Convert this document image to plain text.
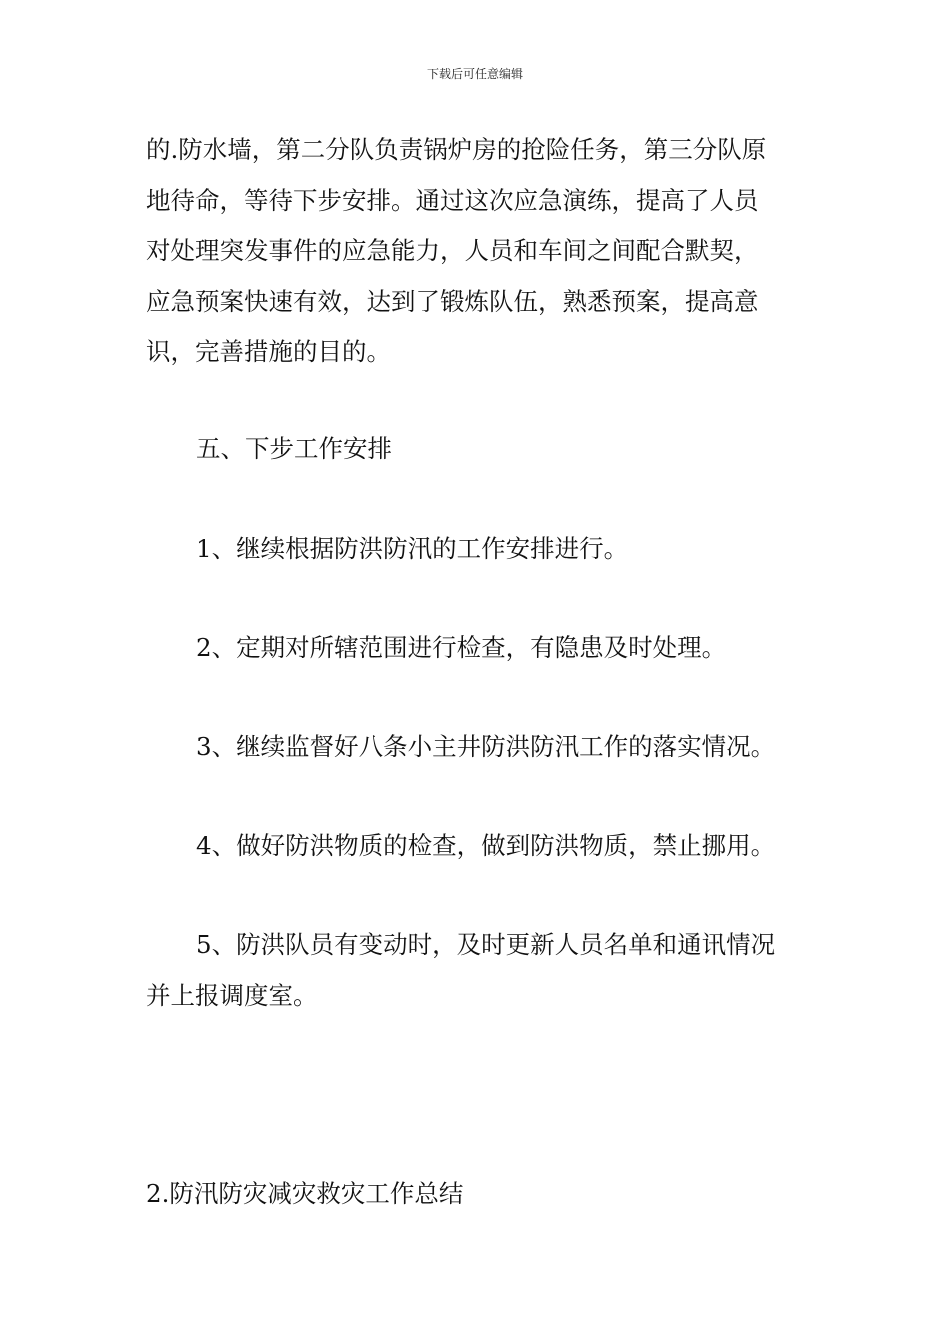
下载后可任意编辑
的.防水墙，第二分队负责锅炉房的抢险任务，第三分队原
地待命，等待下步安排。通过这次应急演练，提高了人员
对处理突发事件的应急能力，人员和车间之间配合默契，
应急预案快速有效，达到了锻炼队伍，熟悉预案，提高意
识，完善措施的目的。
五、下步工作安排
1、继续根据防洪防汛的工作安排进行。
2、定期对所辖范围进行检查，有隐患及时处理。
3、继续监督好八条小主井防洪防汛工作的落实情况。
4、做好防洪物质的检查，做到防洪物质，禁止挪用。
5、防洪队员有变动时，及时更新人员名单和通讯情况
并上报调度室。
2.防汛防灾减灾救灾工作总结
